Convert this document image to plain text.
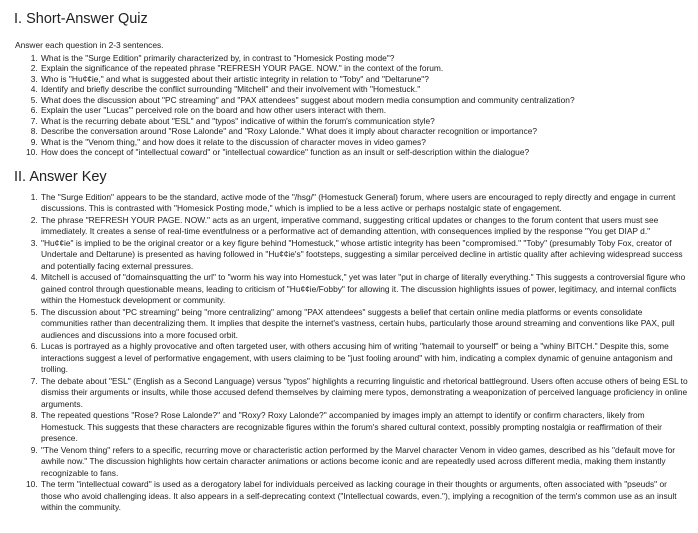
I. Short-Answer Quiz
Answer each question in 2-3 sentences.
1. What is the "Surge Edition" primarily characterized by, in contrast to "Homesick Posting mode"?
2. Explain the significance of the repeated phrase "REFRESH YOUR PAGE. NOW." in the context of the forum.
3. Who is "Hu¢¢ie," and what is suggested about their artistic integrity in relation to "Toby" and "Deltarune"?
4. Identify and briefly describe the conflict surrounding "Mitchell" and their involvement with "Homestuck."
5. What does the discussion about "PC streaming" and "PAX attendees" suggest about modern media consumption and community centralization?
6. Explain the user "Lucas"' perceived role on the board and how other users interact with them.
7. What is the recurring debate about "ESL" and "typos" indicative of within the forum's communication style?
8. Describe the conversation around "Rose Lalonde" and "Roxy Lalonde." What does it imply about character recognition or importance?
9. What is the "Venom thing," and how does it relate to the discussion of character moves in video games?
10. How does the concept of "intellectual coward" or "intellectual cowardice" function as an insult or self-description within the dialogue?
II. Answer Key
1. The "Surge Edition" appears to be the standard, active mode of the "/hsg/" (Homestuck General) forum, where users are encouraged to reply directly and engage in current discussions. This is contrasted with "Homesick Posting mode," which is implied to be a less active or perhaps nostalgic state of engagement.
2. The phrase "REFRESH YOUR PAGE. NOW." acts as an urgent, imperative command, suggesting critical updates or changes to the forum content that users must see immediately. It creates a sense of real-time eventfulness or a performative act of demanding attention, with consequences implied by the response "You get DIAP d."
3. "Hu¢¢ie" is implied to be the original creator or a key figure behind "Homestuck," whose artistic integrity has been "compromised." "Toby" (presumably Toby Fox, creator of Undertale and Deltarune) is presented as having followed in "Hu¢¢ie's" footsteps, suggesting a similar perceived decline in artistic quality after achieving widespread success and potentially facing external pressures.
4. Mitchell is accused of "domainsquatting the url" to "worm his way into Homestuck," yet was later "put in charge of literally everything." This suggests a controversial figure who gained control through questionable means, leading to criticism of "Hu¢¢ie/Fobby" for allowing it. The discussion highlights issues of power, legitimacy, and internal conflicts within the Homestuck development or community.
5. The discussion about "PC streaming" being "more centralizing" among "PAX attendees" suggests a belief that certain online media platforms or events consolidate communities rather than decentralizing them. It implies that despite the internet's vastness, certain hubs, particularly those around streaming and conventions like PAX, pull audiences and discussions into a more focused orbit.
6. Lucas is portrayed as a highly provocative and often targeted user, with others accusing him of writing "hatemail to yourself" or being a "whiny BITCH." Despite this, some interactions suggest a level of performative engagement, with users claiming to be "just fooling around" with him, indicating a complex dynamic of genuine antagonism and trolling.
7. The debate about "ESL" (English as a Second Language) versus "typos" highlights a recurring linguistic and rhetorical battleground. Users often accuse others of being ESL to dismiss their arguments or insults, while those accused defend themselves by claiming mere typos, demonstrating a weaponization of perceived language proficiency in online arguments.
8. The repeated questions "Rose? Rose Lalonde?" and "Roxy? Roxy Lalonde?" accompanied by images imply an attempt to identify or confirm characters, likely from Homestuck. This suggests that these characters are recognizable figures within the forum's shared cultural context, possibly prompting nostalgia or reaffirmation of their presence.
9. "The Venom thing" refers to a specific, recurring move or characteristic action performed by the Marvel character Venom in video games, described as his "default move for awhile now." The discussion highlights how certain character animations or actions become iconic and are repeatedly used across different media, making them instantly recognizable to fans.
10. The term "intellectual coward" is used as a derogatory label for individuals perceived as lacking courage in their thoughts or arguments, often associated with "pseuds" or those who avoid challenging ideas. It also appears in a self-deprecating context ("Intellectual cowards, even."), implying a recognition of the term's common use as an insult within the community.
